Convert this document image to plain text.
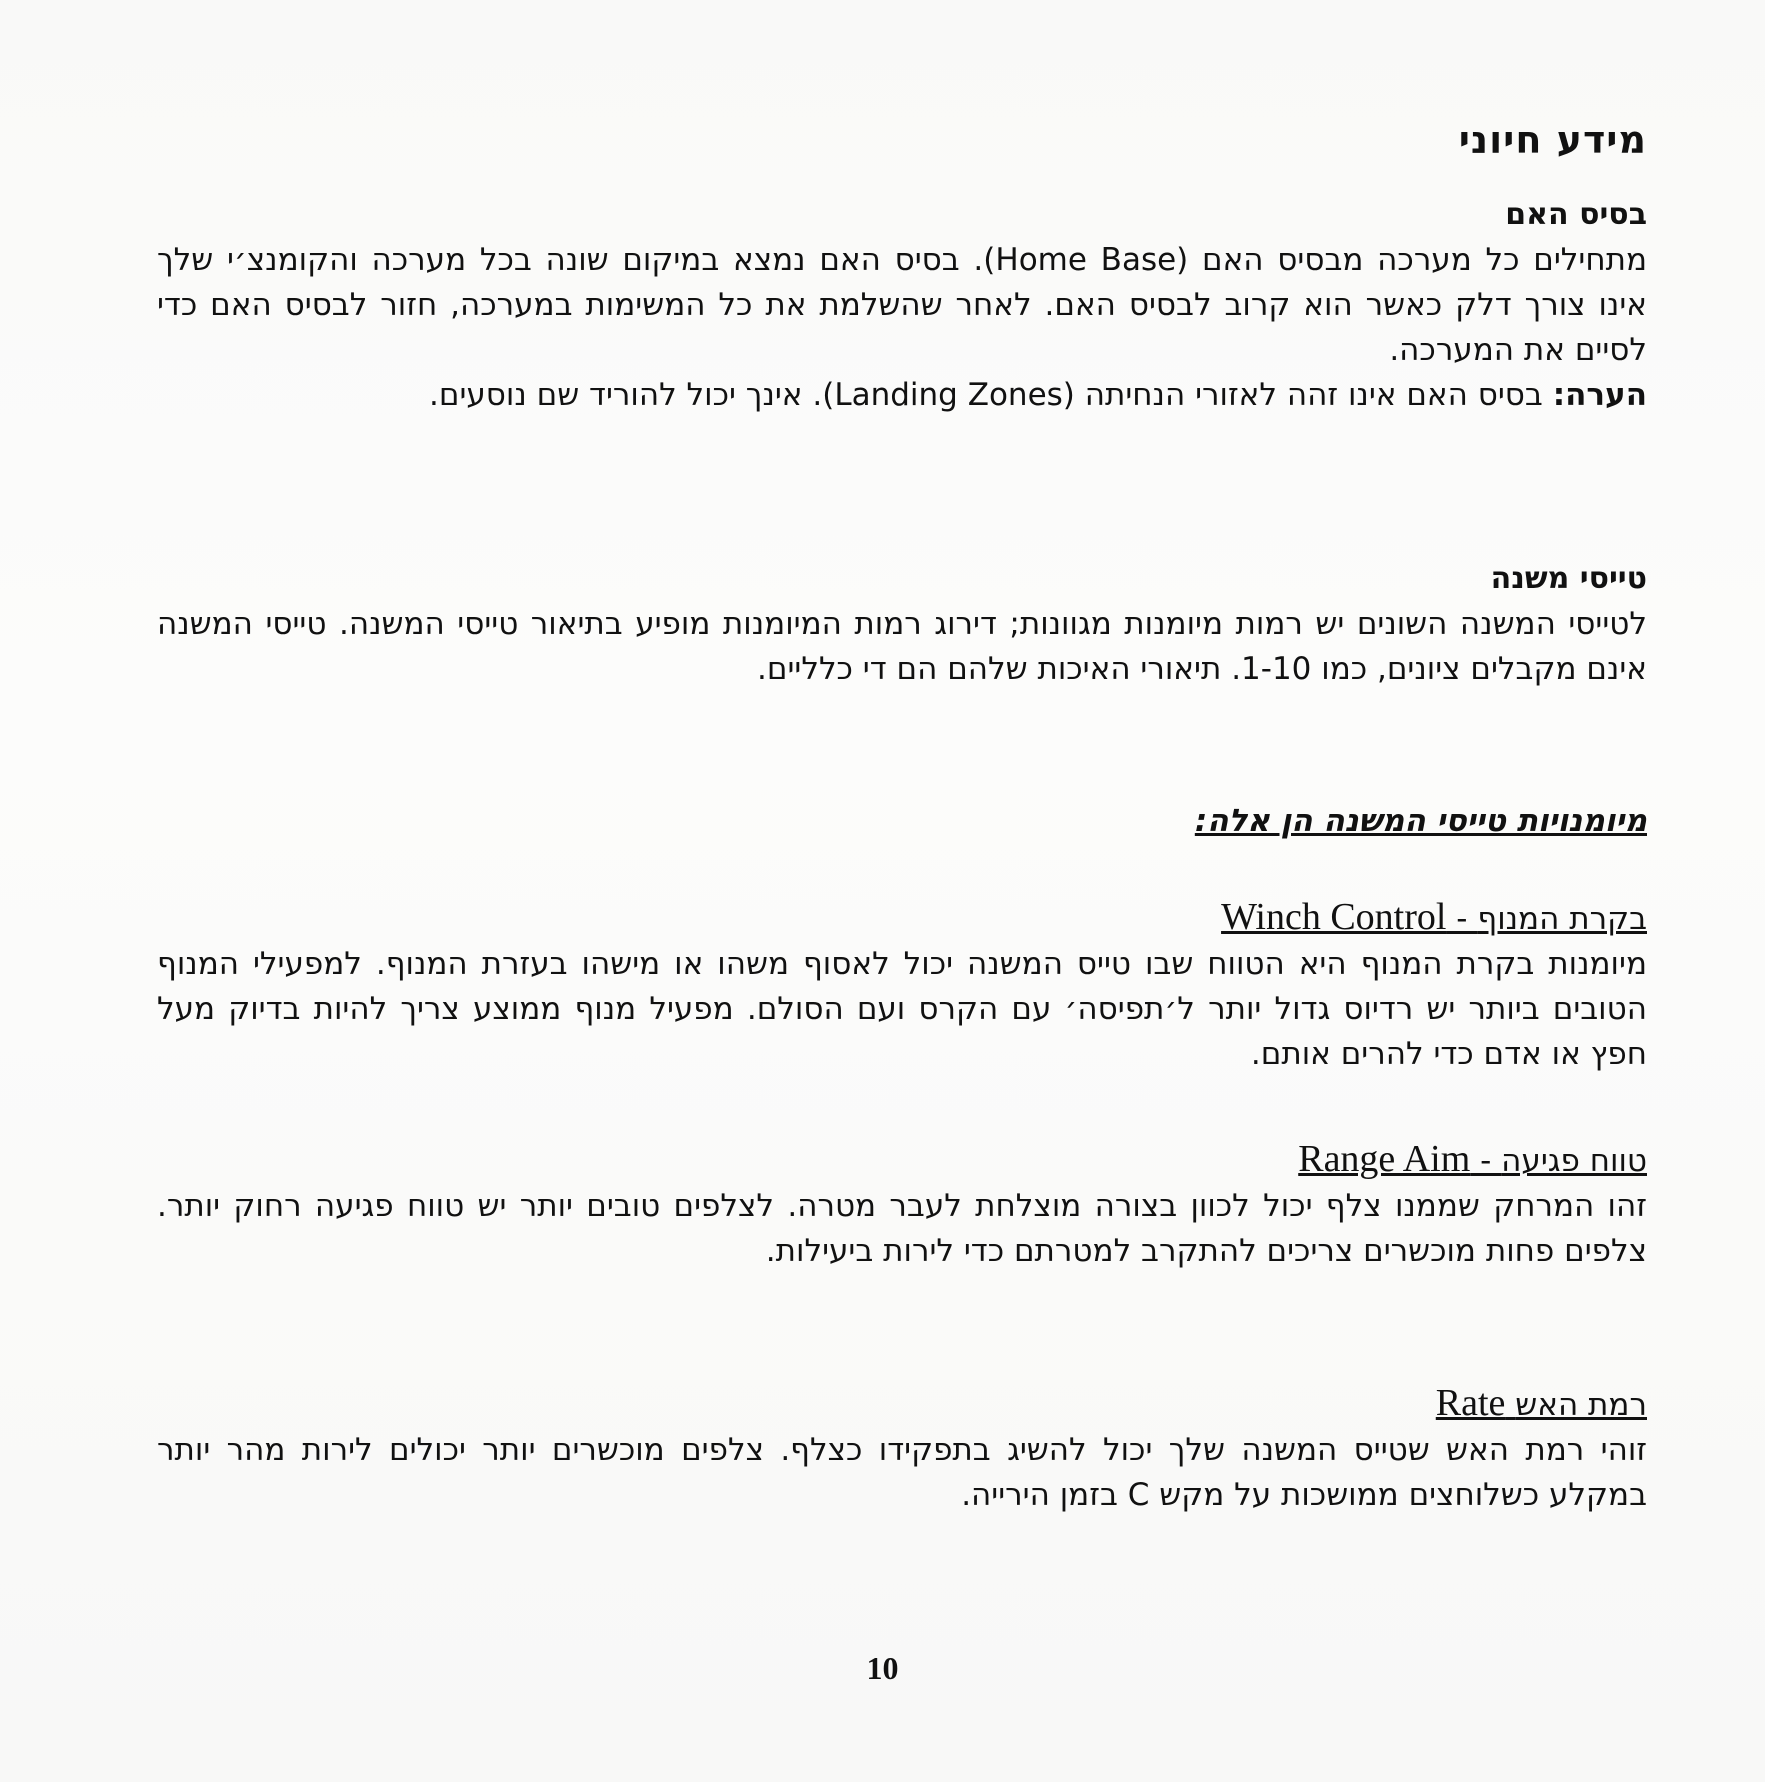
מידע חיוני

בסיס האם

מתחילים כל מערכה מבסיס האם (Home Base). בסיס האם נמצא במיקום שונה בכל מערכה והקומנצ׳י שלך אינו צורך דלק כאשר הוא קרוב לבסיס האם. לאחר שהשלמת את כל המשימות במערכה, חזור לבסיס האם כדי לסיים את המערכה.

הערה: בסיס האם אינו זהה לאזורי הנחיתה (Landing Zones). אינך יכול להוריד שם נוסעים.

טייסי משנה

לטייסי המשנה השונים יש רמות מיומנות מגוונות; דירוג רמות המיומנות מופיע בתיאור טייסי המשנה. טייסי המשנה אינם מקבלים ציונים, כמו 1-10. תיאורי האיכות שלהם הם די כלליים.

מיומנויות טייסי המשנה הן אלה:

בקרת המנוף - Winch Control

מיומנות בקרת המנוף היא הטווח שבו טייס המשנה יכול לאסוף משהו או מישהו בעזרת המנוף. למפעילי המנוף הטובים ביותר יש רדיוס גדול יותר ל׳תפיסה׳ עם הקרס ועם הסולם. מפעיל מנוף ממוצע צריך להיות בדיוק מעל חפץ או אדם כדי להרים אותם.

טווח פגיעה - Range Aim

זהו המרחק שממנו צלף יכול לכוון בצורה מוצלחת לעבר מטרה. לצלפים טובים יותר יש טווח פגיעה רחוק יותר. צלפים פחות מוכשרים צריכים להתקרב למטרתם כדי לירות ביעילות.

רמת האש Rate

זוהי רמת האש שטייס המשנה שלך יכול להשיג בתפקידו כצלף. צלפים מוכשרים יותר יכולים לירות מהר יותר במקלע כשלוחצים ממושכות על מקש C בזמן הירייה.

10
